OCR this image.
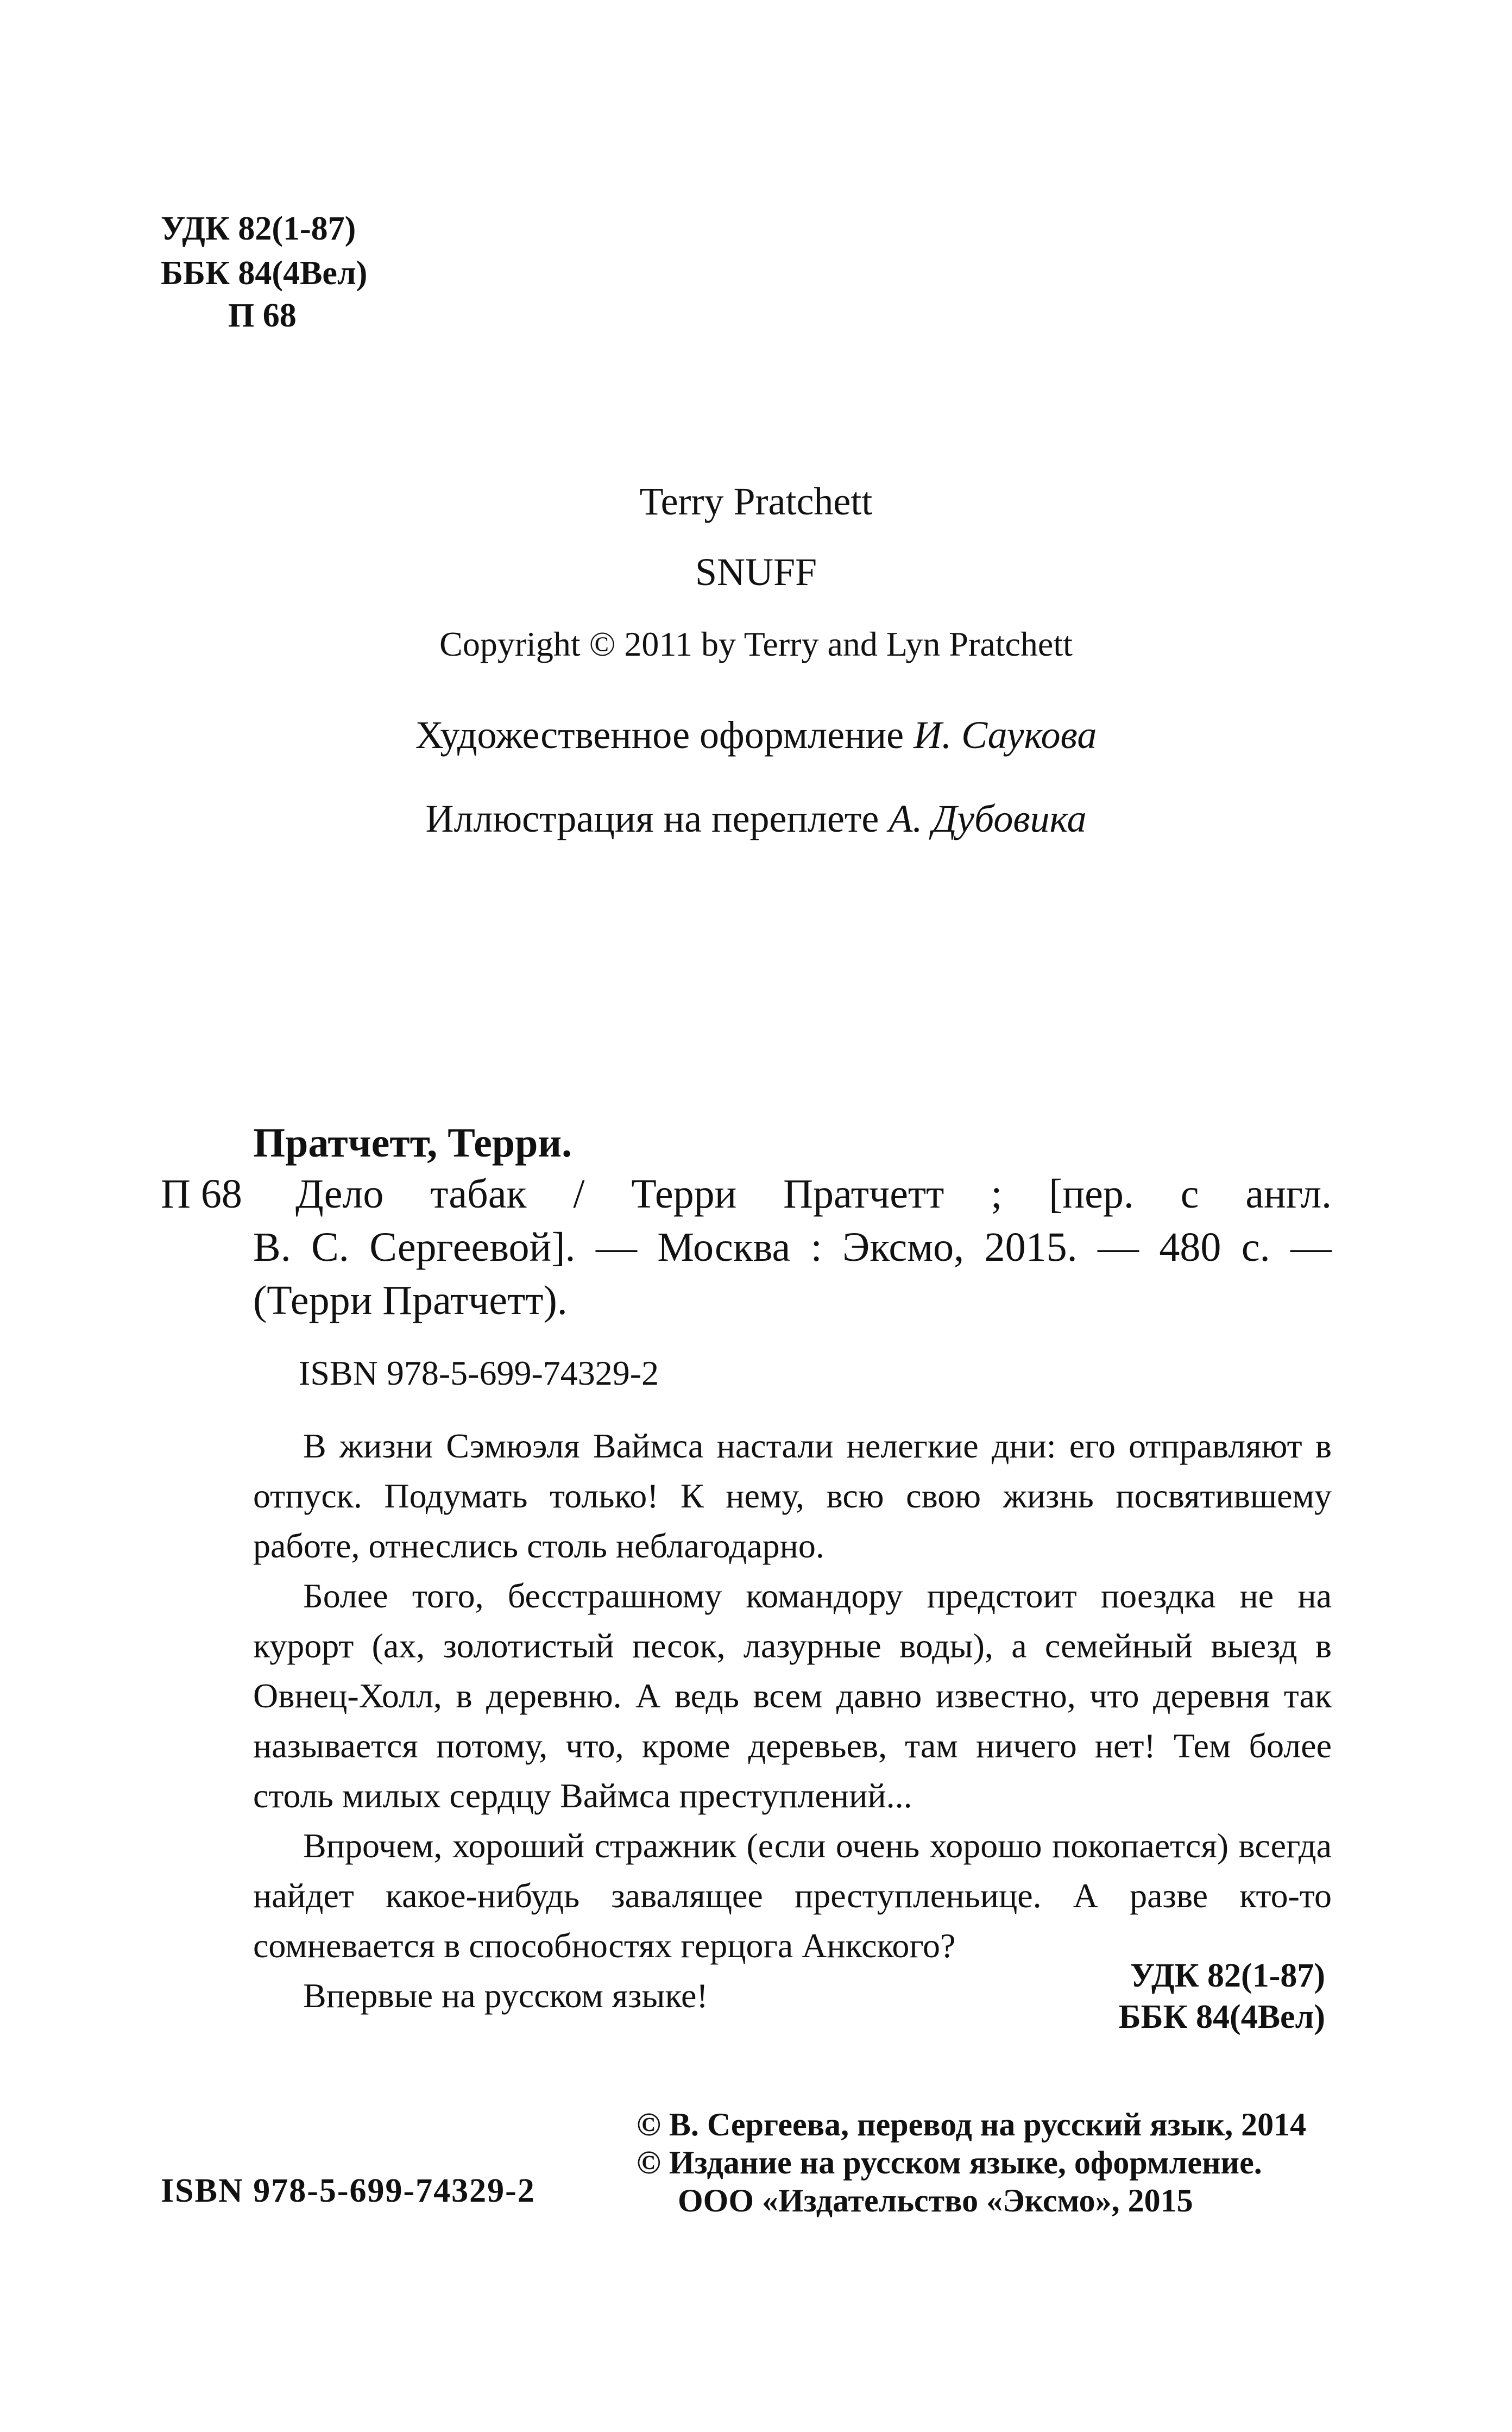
УДК 82(1-87)
ББК 84(4Вел)
П 68
Terry Pratchett
SNUFF
Copyright © 2011 by Terry and Lyn Pratchett
Художественное оформление И. Саукова
Иллюстрация на переплете А. Дубовика
Пратчетт, Терри.
П 68 Дело табак / Терри Пратчетт ; [пер. с англ.
В. С. Сергеевой]. — Москва : Эксмо, 2015. — 480 с. —
(Терри Пратчетт).
ISBN 978-5-699-74329-2

В жизни Сэмюэля Ваймса настали нелегкие дни: его отправляют в отпуск. Подумать только! К нему, всю свою жизнь посвятившему работе, отнеслись столь неблагодарно.

Более того, бесстрашному командору предстоит поездка не на курорт (ах, золотистый песок, лазурные воды), а семейный выезд в Овнец-Холл, в деревню. А ведь всем давно известно, что деревня так называется потому, что, кроме деревьев, там ничего нет! Тем более столь милых сердцу Ваймса преступлений...

Впрочем, хороший стражник (если очень хорошо покопается) всегда найдет какое-нибудь завалящее преступленьице. А разве кто-то сомневается в способностях герцога Анкского?

Впервые на русском языке!

УДК 82(1-87)
ББК 84(4Вел)
ISBN 978-5-699-74329-2
© В. Сергеева, перевод на русский язык, 2014
© Издание на русском языке, оформление.
ООО «Издательство «Эксмо», 2015
